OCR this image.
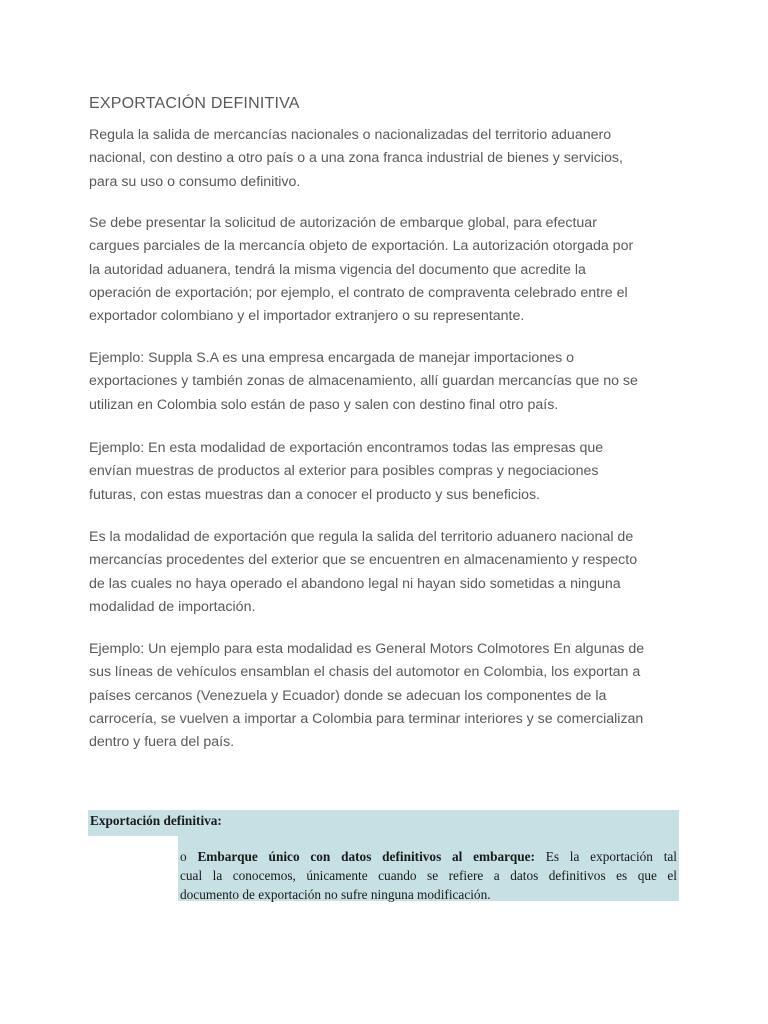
EXPORTACIÓN DEFINITIVA
Regula la salida de mercancías nacionales o nacionalizadas del territorio aduanero
nacional, con destino a otro país o a una zona franca industrial de bienes y servicios,
para su uso o consumo definitivo.
Se debe presentar la solicitud de autorización de embarque global, para efectuar
cargues parciales de la mercancía objeto de exportación. La autorización otorgada por
la autoridad aduanera, tendrá la misma vigencia del documento que acredite la
operación de exportación; por ejemplo, el contrato de compraventa celebrado entre el
exportador colombiano y el importador extranjero o su representante.
Ejemplo: Suppla S.A es una empresa encargada de manejar importaciones o
exportaciones y también zonas de almacenamiento, allí guardan mercancías que no se
utilizan en Colombia solo están de paso y salen con destino final otro país.
Ejemplo: En esta modalidad de exportación encontramos todas las empresas que
envían muestras de productos al exterior para posibles compras y negociaciones
futuras, con estas muestras dan a conocer el producto y sus beneficios.
Es la modalidad de exportación que regula la salida del territorio aduanero nacional de
mercancías procedentes del exterior que se encuentren en almacenamiento y respecto
de las cuales no haya operado el abandono legal ni hayan sido sometidas a ninguna
modalidad de importación.
Ejemplo: Un ejemplo para esta modalidad es General Motors Colmotores En algunas de
sus líneas de vehículos ensamblan el chasis del automotor en Colombia, los exportan a
países cercanos (Venezuela y Ecuador) donde se adecuan los componentes de la
carrocería, se vuelven a importar a Colombia para terminar interiores y se comercializan
dentro y fuera del país.
Exportación definitiva:
o Embarque único con datos definitivos al embarque: Es la exportación tal
cual la conocemos, únicamente cuando se refiere a datos definitivos es que el
documento de exportación no sufre ninguna modificación.
